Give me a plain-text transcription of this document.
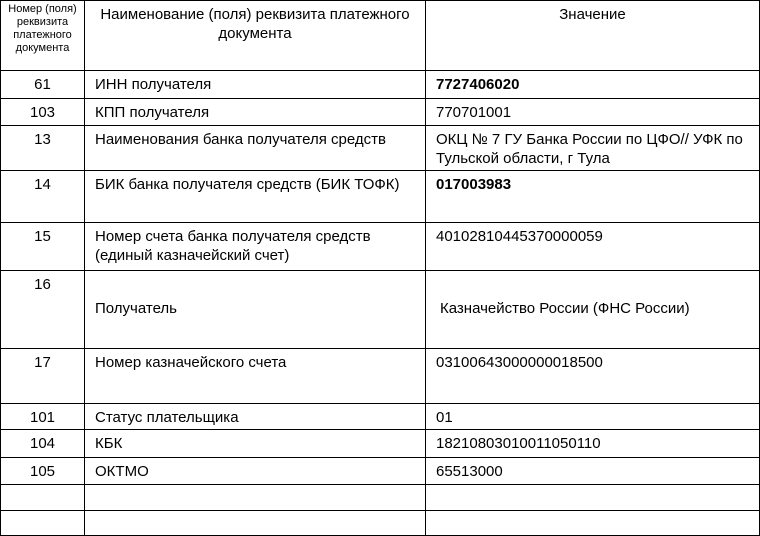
Номер (поля) реквизита платежного документа	Наименование (поля) реквизита платежного документа	Значение
61	ИНН получателя	7727406020
103	КПП получателя	770701001
13	Наименования банка получателя средств	ОКЦ № 7 ГУ Банка России по ЦФО// УФК по Тульской области, г Тула
14	БИК банка получателя средств (БИК ТОФК)	017003983
15	Номер счета банка получателя средств  (единый казначейский счет)	40102810445370000059
16	Получатель	Казначейство России (ФНС России)
17	Номер казначейского счета	03100643000000018500
101	Статус плательщика	01
104	КБК	18210803010011050110
105	ОКТМО	65513000
